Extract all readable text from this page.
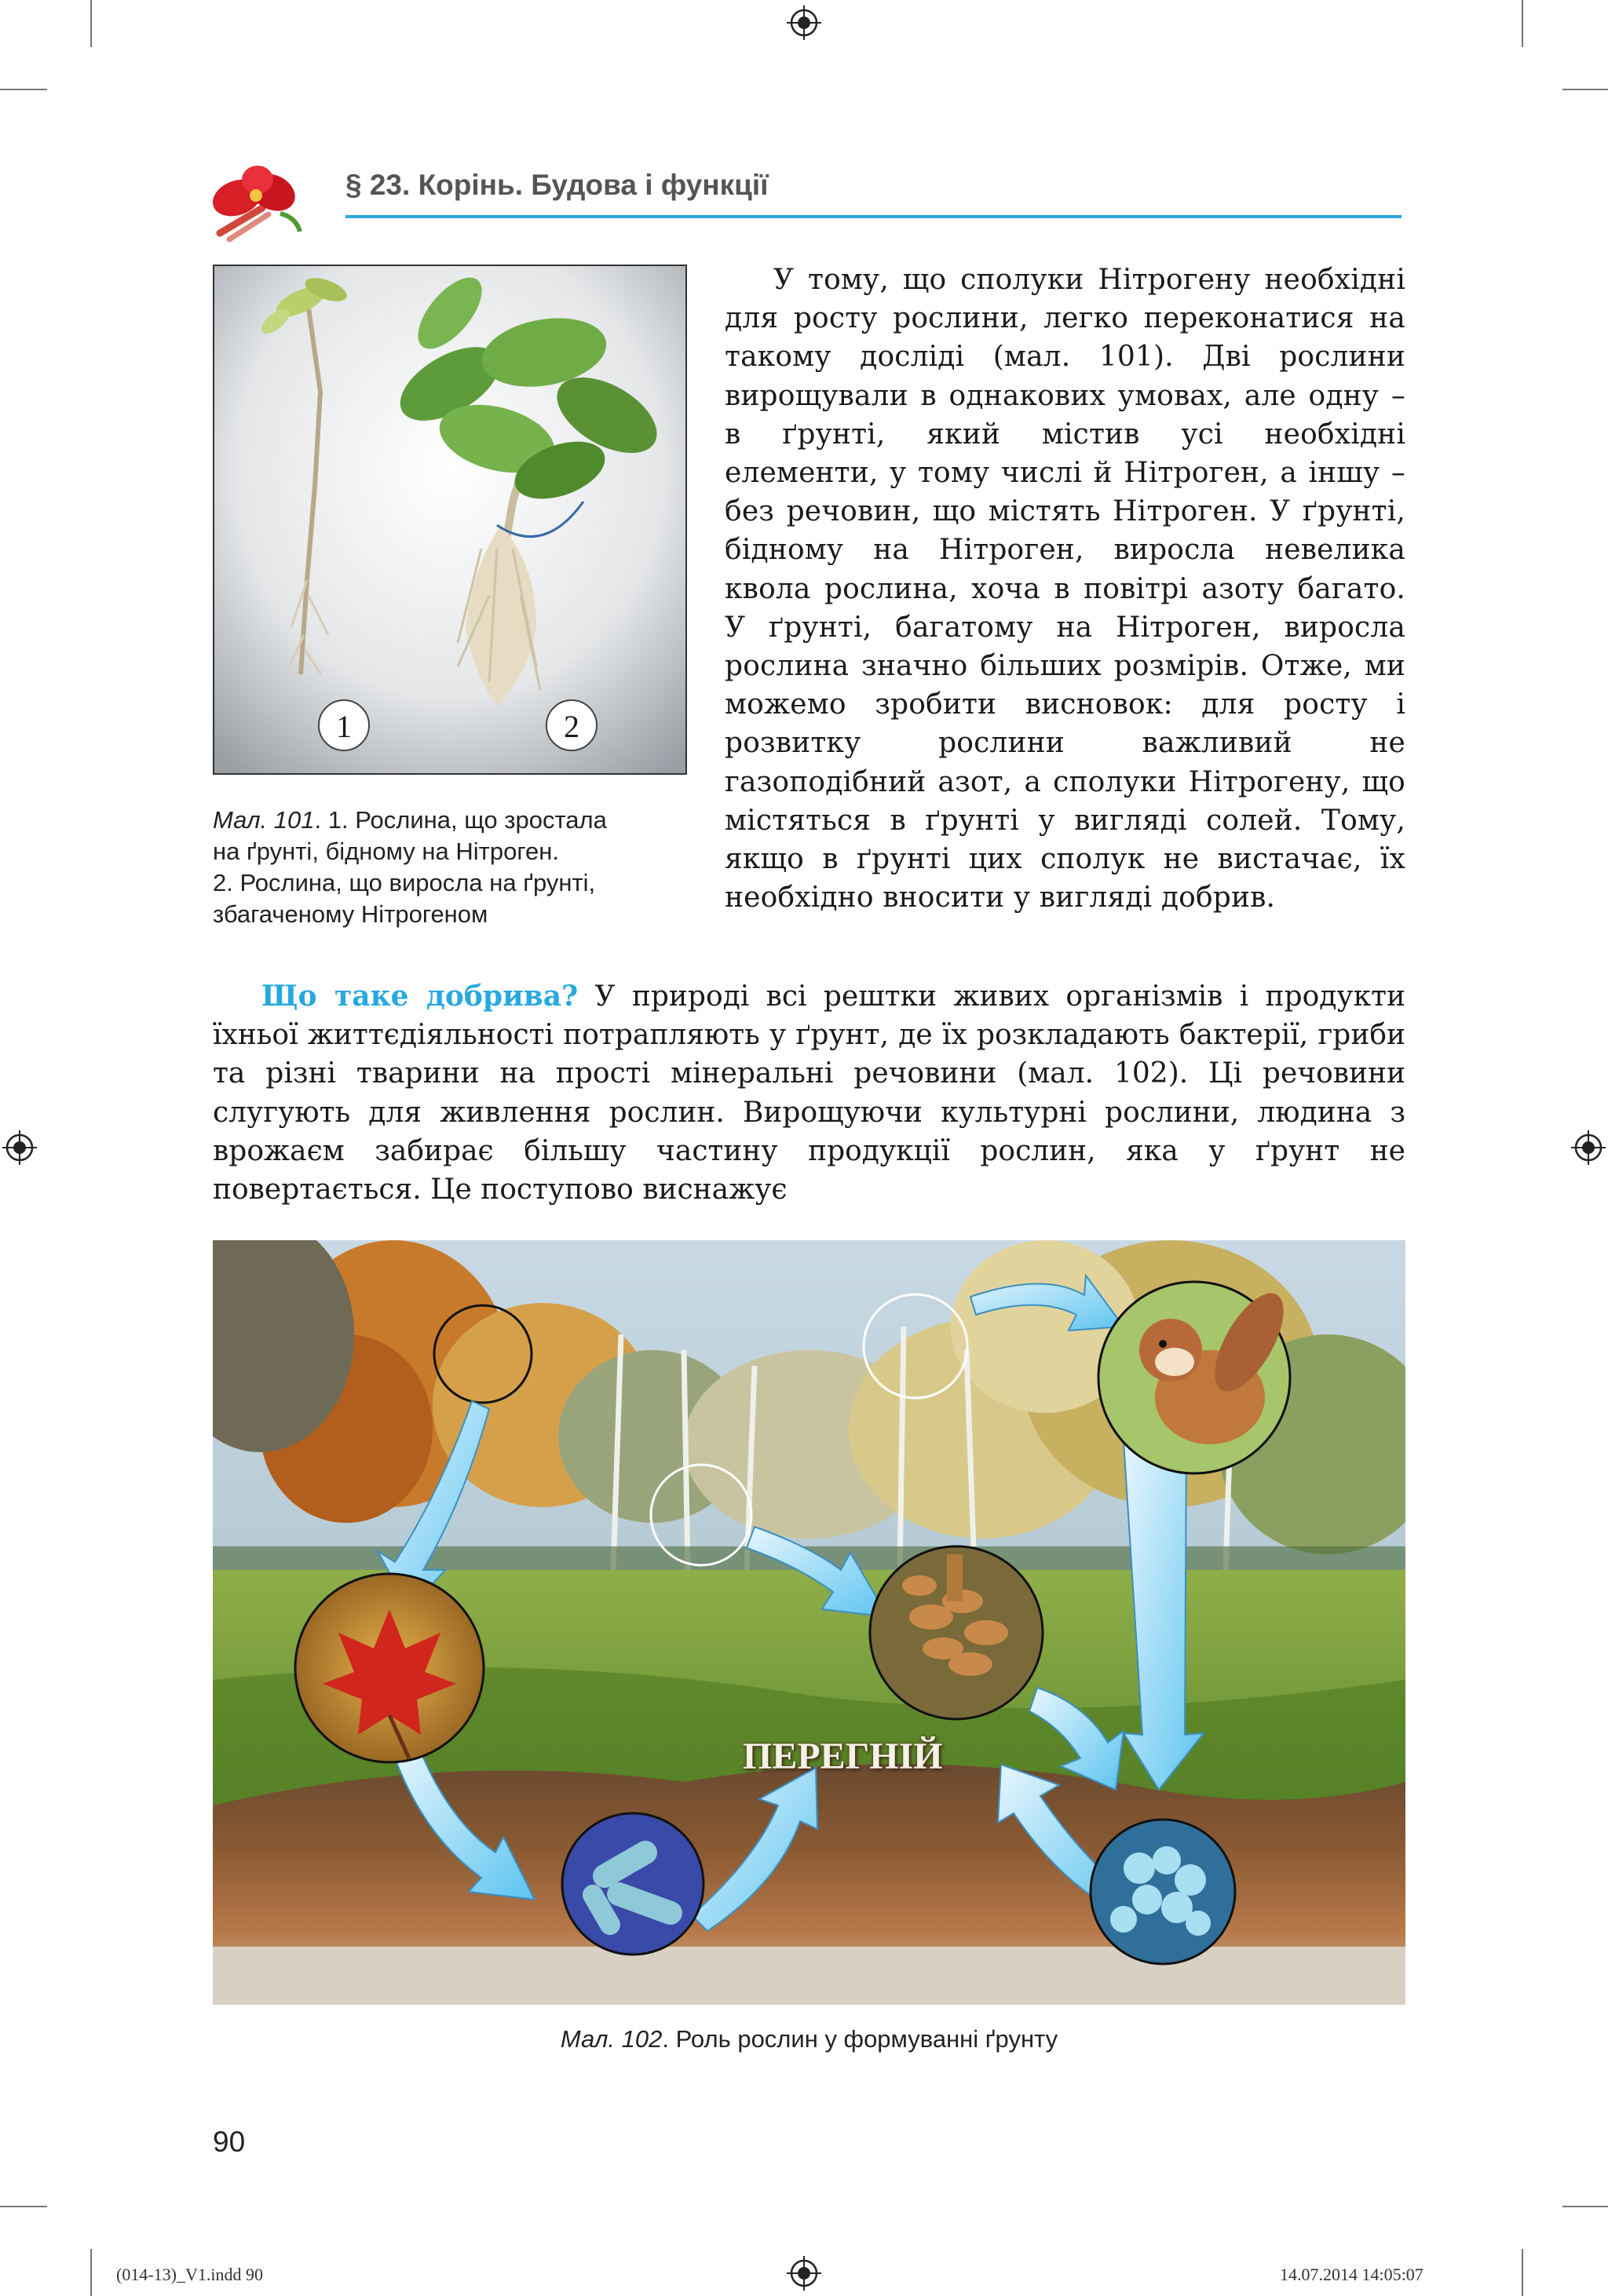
§ 23. Корінь. Будова і функції
1	2
Мал. 101. 1. Рослина, що зростала
на ґрунті, бідному на Нітроген.
2. Рослина, що виросла на ґрунті,
збагаченому Нітрогеном

У тому, що сполуки Нітрогену необхідні для росту рослини, легко переконатися на такому досліді (мал. 101). Дві рослини вирощували в однакових умовах, але одну – в ґрунті, який містив усі необхідні елементи, у тому числі й Нітроген, а іншу – без речовин, що містять Нітроген. У ґрунті, бідному на Нітроген, виросла невелика квола рослина, хоча в повітрі азоту багато. У ґрунті, багатому на Нітроген, виросла рослина значно більших розмірів. Отже, ми можемо зробити висновок: для росту і розвитку рослини важливий не газоподібний азот, а сполуки Нітрогену, що містяться в ґрунті у вигляді солей. Тому, якщо в ґрунті цих сполук не вистачає, їх необхідно вносити у вигляді добрив.

Що таке добрива? У природі всі рештки живих організмів і продукти їхньої життєдіяльності потрапляють у ґрунт, де їх розкладають бактерії, гриби та різні тварини на прості мінеральні речовини (мал. 102). Ці речовини слугують для живлення рослин. Вирощуючи культурні рослини, людина з врожаєм забирає більшу частину продукції рослин, яка у ґрунт не повертається. Це поступово виснажує

ПЕРЕГНІЙ
Мал. 102. Роль рослин у формуванні ґрунту
90
(014-13)_V1.indd 90	14.07.2014 14:05:07
